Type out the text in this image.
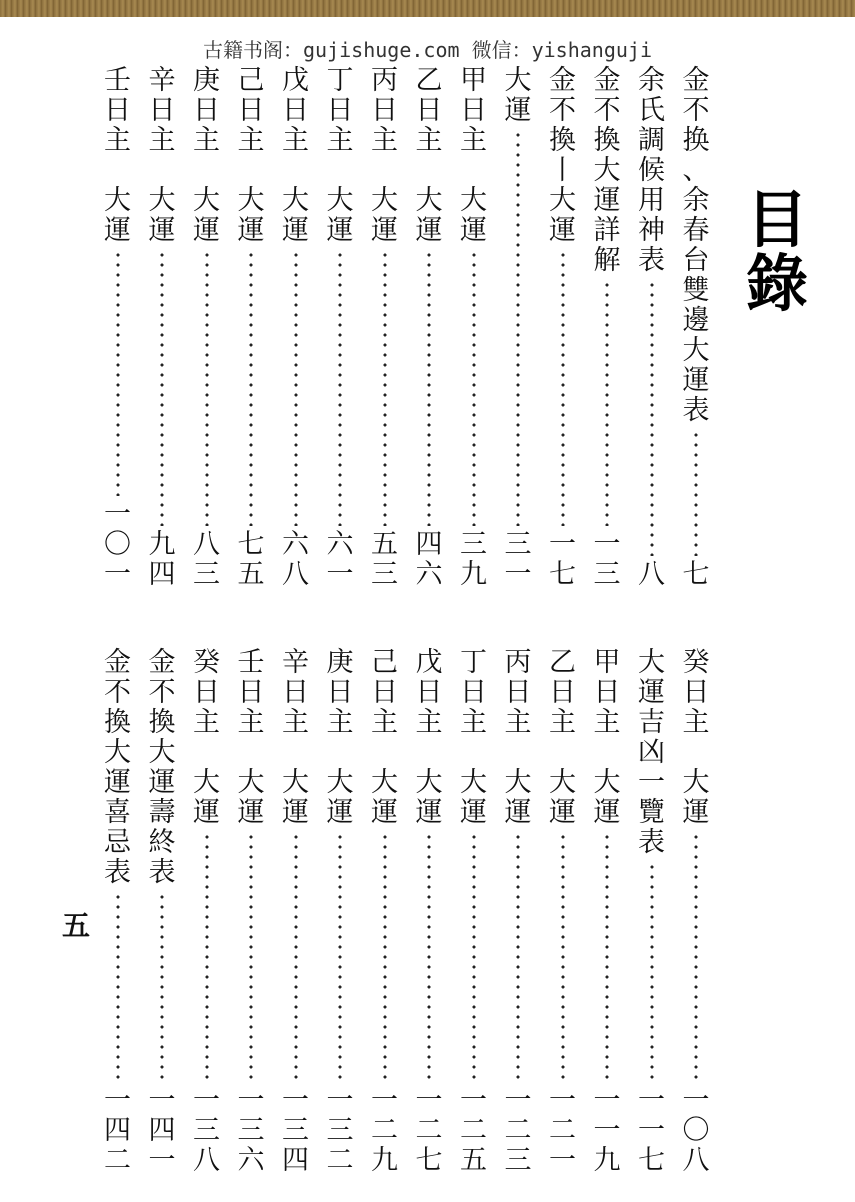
古籍书阁：gujishuge.com 微信：yishanguji
目
錄
金
不
换
、
余
春
台
雙
邊
大
運
表
七
余
氏
調
候
用
神
表
八
金
不
換
大
運
詳
解
一
三
金
不
換
丨
大
運
一
七
大
運
三
一
甲
日
主
大
運
三
九
乙
日
主
大
運
四
六
丙
日
主
大
運
五
三
丁
日
主
大
運
六
一
戊
日
主
大
運
六
八
己
日
主
大
運
七
五
庚
日
主
大
運
八
三
辛
日
主
大
運
九
四
壬
日
主
大
運
一
〇
一
癸
日
主
大
運
一
〇
八
大
運
吉
凶
一
覽
表
一
一
七
甲
日
主
大
運
一
一
九
乙
日
主
大
運
一
二
一
丙
日
主
大
運
一
二
三
丁
日
主
大
運
一
二
五
戊
日
主
大
運
一
二
七
己
日
主
大
運
一
二
九
庚
日
主
大
運
一
三
二
辛
日
主
大
運
一
三
四
壬
日
主
大
運
一
三
六
癸
日
主
大
運
一
三
八
金
不
換
大
運
壽
終
表
一
四
一
金
不
換
大
運
喜
忌
表
一
四
二
五
